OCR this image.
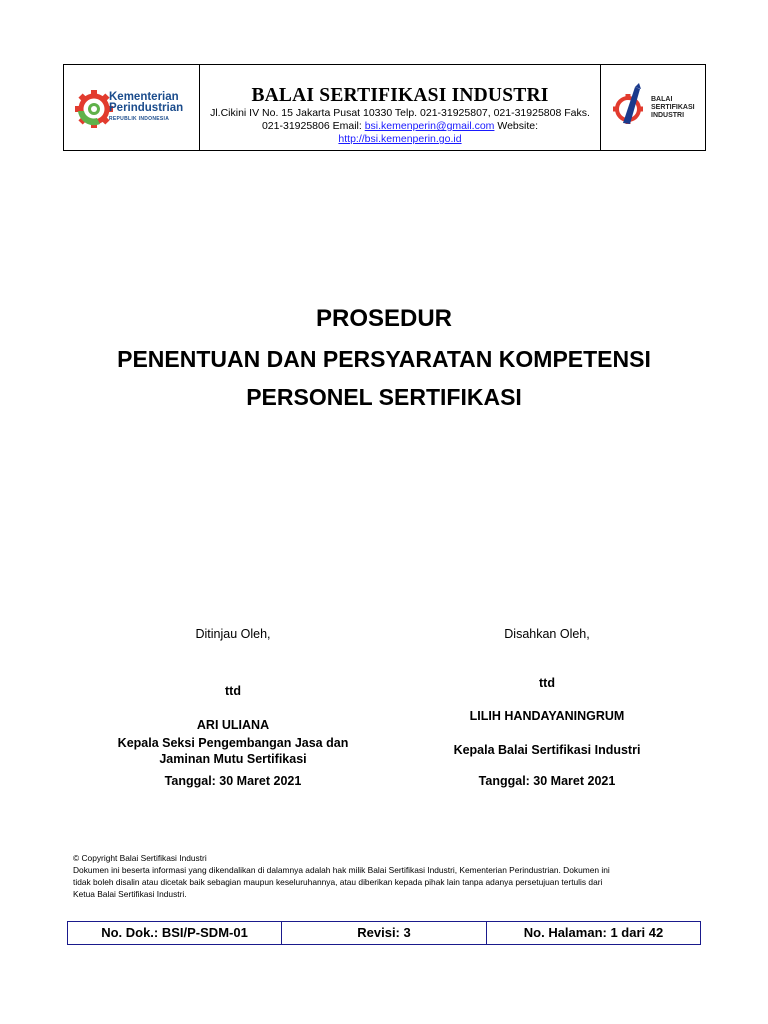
Kementerian
Perindustrian
REPUBLIK INDONESIA
BALAI SERTIFIKASI INDUSTRI
Jl.Cikini IV No. 15 Jakarta Pusat 10330 Telp. 021-31925807, 021-31925808 Faks.
021-31925806 Email: bsi.kemenperin@gmail.com Website: http://bsi.kemenperin.go.id
BALAI
SERTIFIKASI
INDUSTRI
PROSEDUR
PENENTUAN DAN PERSYARATAN KOMPETENSI
PERSONEL SERTIFIKASI
Ditinjau Oleh,
ttd
ARI ULIANA
Kepala Seksi Pengembangan Jasa dan
Jaminan Mutu Sertifikasi
Tanggal: 30 Maret 2021
Disahkan Oleh,
ttd
LILIH HANDAYANINGRUM
Kepala Balai Sertifikasi Industri
Tanggal: 30 Maret 2021
© Copyright Balai Sertifikasi Industri
Dokumen ini beserta informasi yang dikendalikan di dalamnya adalah hak milik Balai Sertifikasi Industri, Kementerian Perindustrian. Dokumen ini
tidak boleh disalin atau dicetak baik sebagian maupun keseluruhannya, atau diberikan kepada pihak lain tanpa adanya persetujuan tertulis dari
Ketua Balai Sertifikasi Industri.
No. Dok.: BSI/P-SDM-01	Revisi: 3	No. Halaman: 1 dari 42
